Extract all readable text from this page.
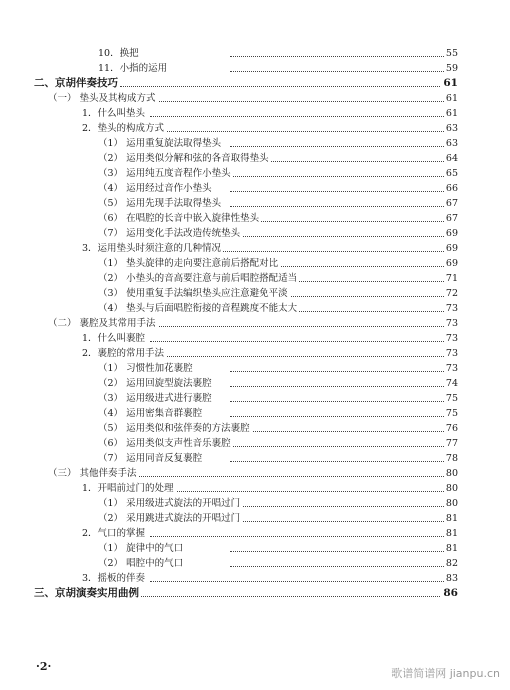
10．换把	55
11．小指的运用	59
二、京胡伴奏技巧	61
（一） 垫头及其构成方式	61
1．什么叫垫头	61
2．垫头的构成方式	63
（1） 运用重复旋法取得垫头	63
（2） 运用类似分解和弦的各音取得垫头	64
（3） 运用纯五度音程作小垫头	65
（4） 运用经过音作小垫头	66
（5） 运用先现手法取得垫头	67
（6） 在唱腔的长音中嵌入旋律性垫头	67
（7） 运用变化手法改造传统垫头	69
3．运用垫头时须注意的几种情况	69
（1） 垫头旋律的走向要注意前后搭配对比	69
（2） 小垫头的音高要注意与前后唱腔搭配适当	71
（3） 使用重复手法编织垫头应注意避免平淡	72
（4） 垫头与后面唱腔衔接的音程跳度不能太大	73
（二） 裹腔及其常用手法	73
1．什么叫裹腔	73
2．裹腔的常用手法	73
（1） 习惯性加花裹腔	73
（2） 运用回旋型旋法裹腔	74
（3） 运用级进式进行裹腔	75
（4） 运用密集音群裹腔	75
（5） 运用类似和弦伴奏的方法裹腔	76
（6） 运用类似支声性音乐裹腔	77
（7） 运用同音反复裹腔	78
（三） 其他伴奏手法	80
1．开唱前过门的处理	80
（1） 采用级进式旋法的开唱过门	80
（2） 采用跳进式旋法的开唱过门	81
2．气口的掌握	81
（1） 旋律中的气口	81
（2） 唱腔中的气口	82
3．摇板的伴奏	83
三、京胡演奏实用曲例	86
·2·
歌谱简谱网 jianpu.cn
